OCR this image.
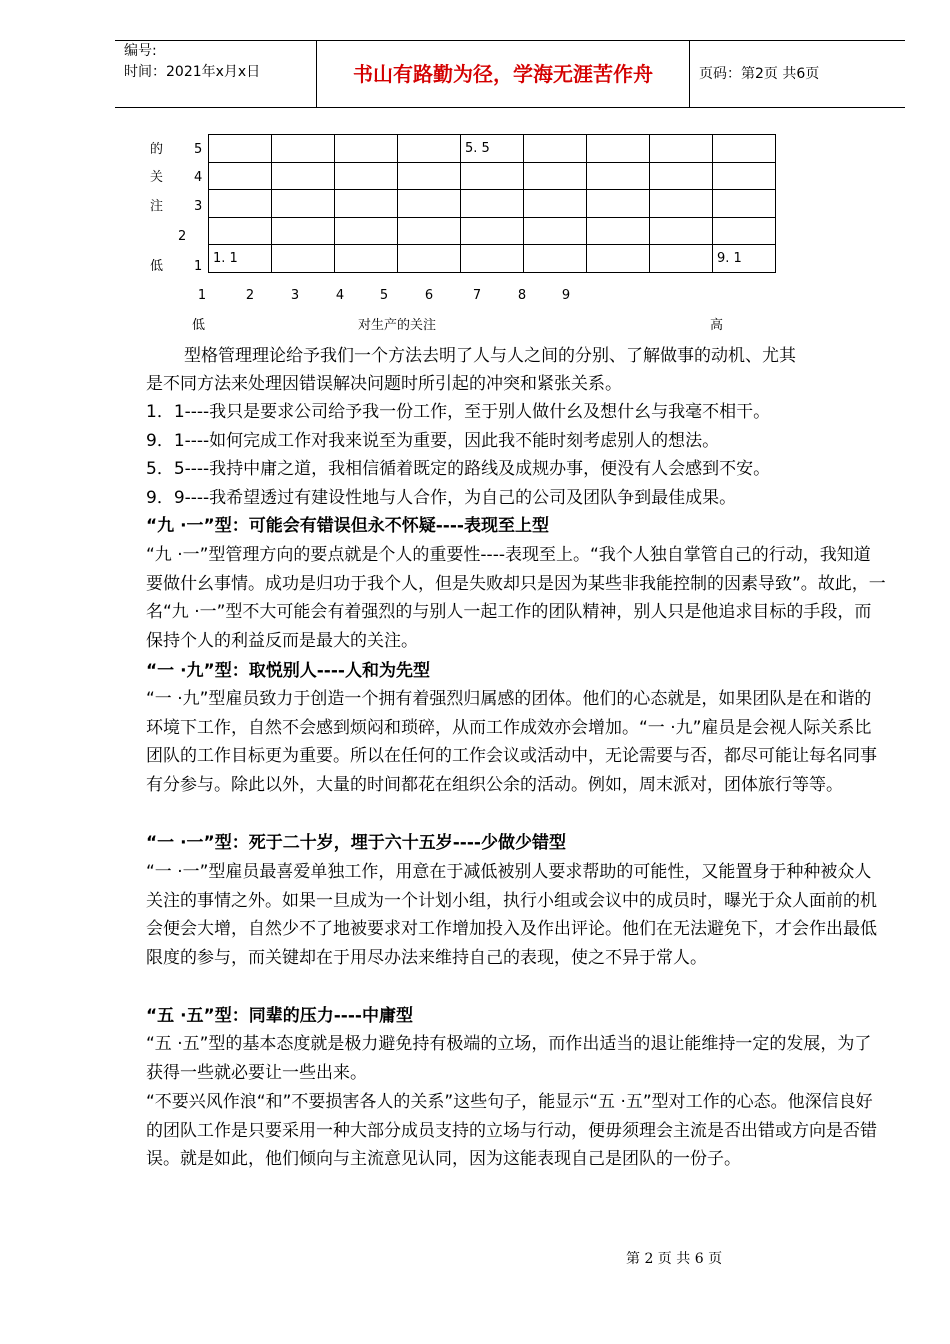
编号:
时间：2021年x月x日	书山有路勤为径，学海无涯苦作舟	页码：第2页 共6页
的
关
注
低
5
4
3
2
1
				5. 5				

1. 1								9. 1
1	2	3	4	5	6	7	8	9
低	对生产的关注	高
型格管理理论给予我们一个方法去明了人与人之间的分别、了解做事的动机、尤其
是不同方法来处理因错误解决问题时所引起的冲突和紧张关系。
1．1----我只是要求公司给予我一份工作，至于别人做什幺及想什幺与我毫不相干。
9．1----如何完成工作对我来说至为重要，因此我不能时刻考虑别人的想法。
5．5----我持中庸之道，我相信循着既定的路线及成规办事，便没有人会感到不安。
9．9----我希望透过有建设性地与人合作，为自己的公司及团队争到最佳成果。
“九 ·一”型：可能会有错误但永不怀疑----表现至上型
“九 ·一”型管理方向的要点就是个人的重要性----表现至上。“我个人独自掌管自己的行动，我知道要做什幺事情。成功是归功于我个人，但是失败却只是因为某些非我能控制的因素导致”。故此，一名“九 ·一”型不大可能会有着强烈的与别人一起工作的团队精神，别人只是他追求目标的手段，而保持个人的利益反而是最大的关注。
“一 ·九”型：取悦别人----人和为先型
“一 ·九”型雇员致力于创造一个拥有着强烈归属感的团体。他们的心态就是，如果团队是在和谐的环境下工作，自然不会感到烦闷和琐碎，从而工作成效亦会增加。“一 ·九”雇员是会视人际关系比团队的工作目标更为重要。所以在任何的工作会议或活动中，无论需要与否，都尽可能让每名同事有分参与。除此以外，大量的时间都花在组织公余的活动。例如，周末派对，团体旅行等等。
“一 ·一”型：死于二十岁，埋于六十五岁----少做少错型
“一 ·一”型雇员最喜爱单独工作，用意在于减低被别人要求帮助的可能性，又能置身于种种被众人关注的事情之外。如果一旦成为一个计划小组，执行小组或会议中的成员时，曝光于众人面前的机会便会大增，自然少不了地被要求对工作增加投入及作出评论。他们在无法避免下，才会作出最低限度的参与，而关键却在于用尽办法来维持自己的表现，使之不异于常人。
“五 ·五”型：同辈的压力----中庸型
“五 ·五”型的基本态度就是极力避免持有极端的立场，而作出适当的退让能维持一定的发展，为了获得一些就必要让一些出来。
“不要兴风作浪“和”不要损害各人的关系”这些句子，能显示“五 ·五”型对工作的心态。他深信良好的团队工作是只要采用一种大部分成员支持的立场与行动，便毋须理会主流是否出错或方向是否错误。就是如此，他们倾向与主流意见认同，因为这能表现自己是团队的一份子。
第 2 页 共 6 页
